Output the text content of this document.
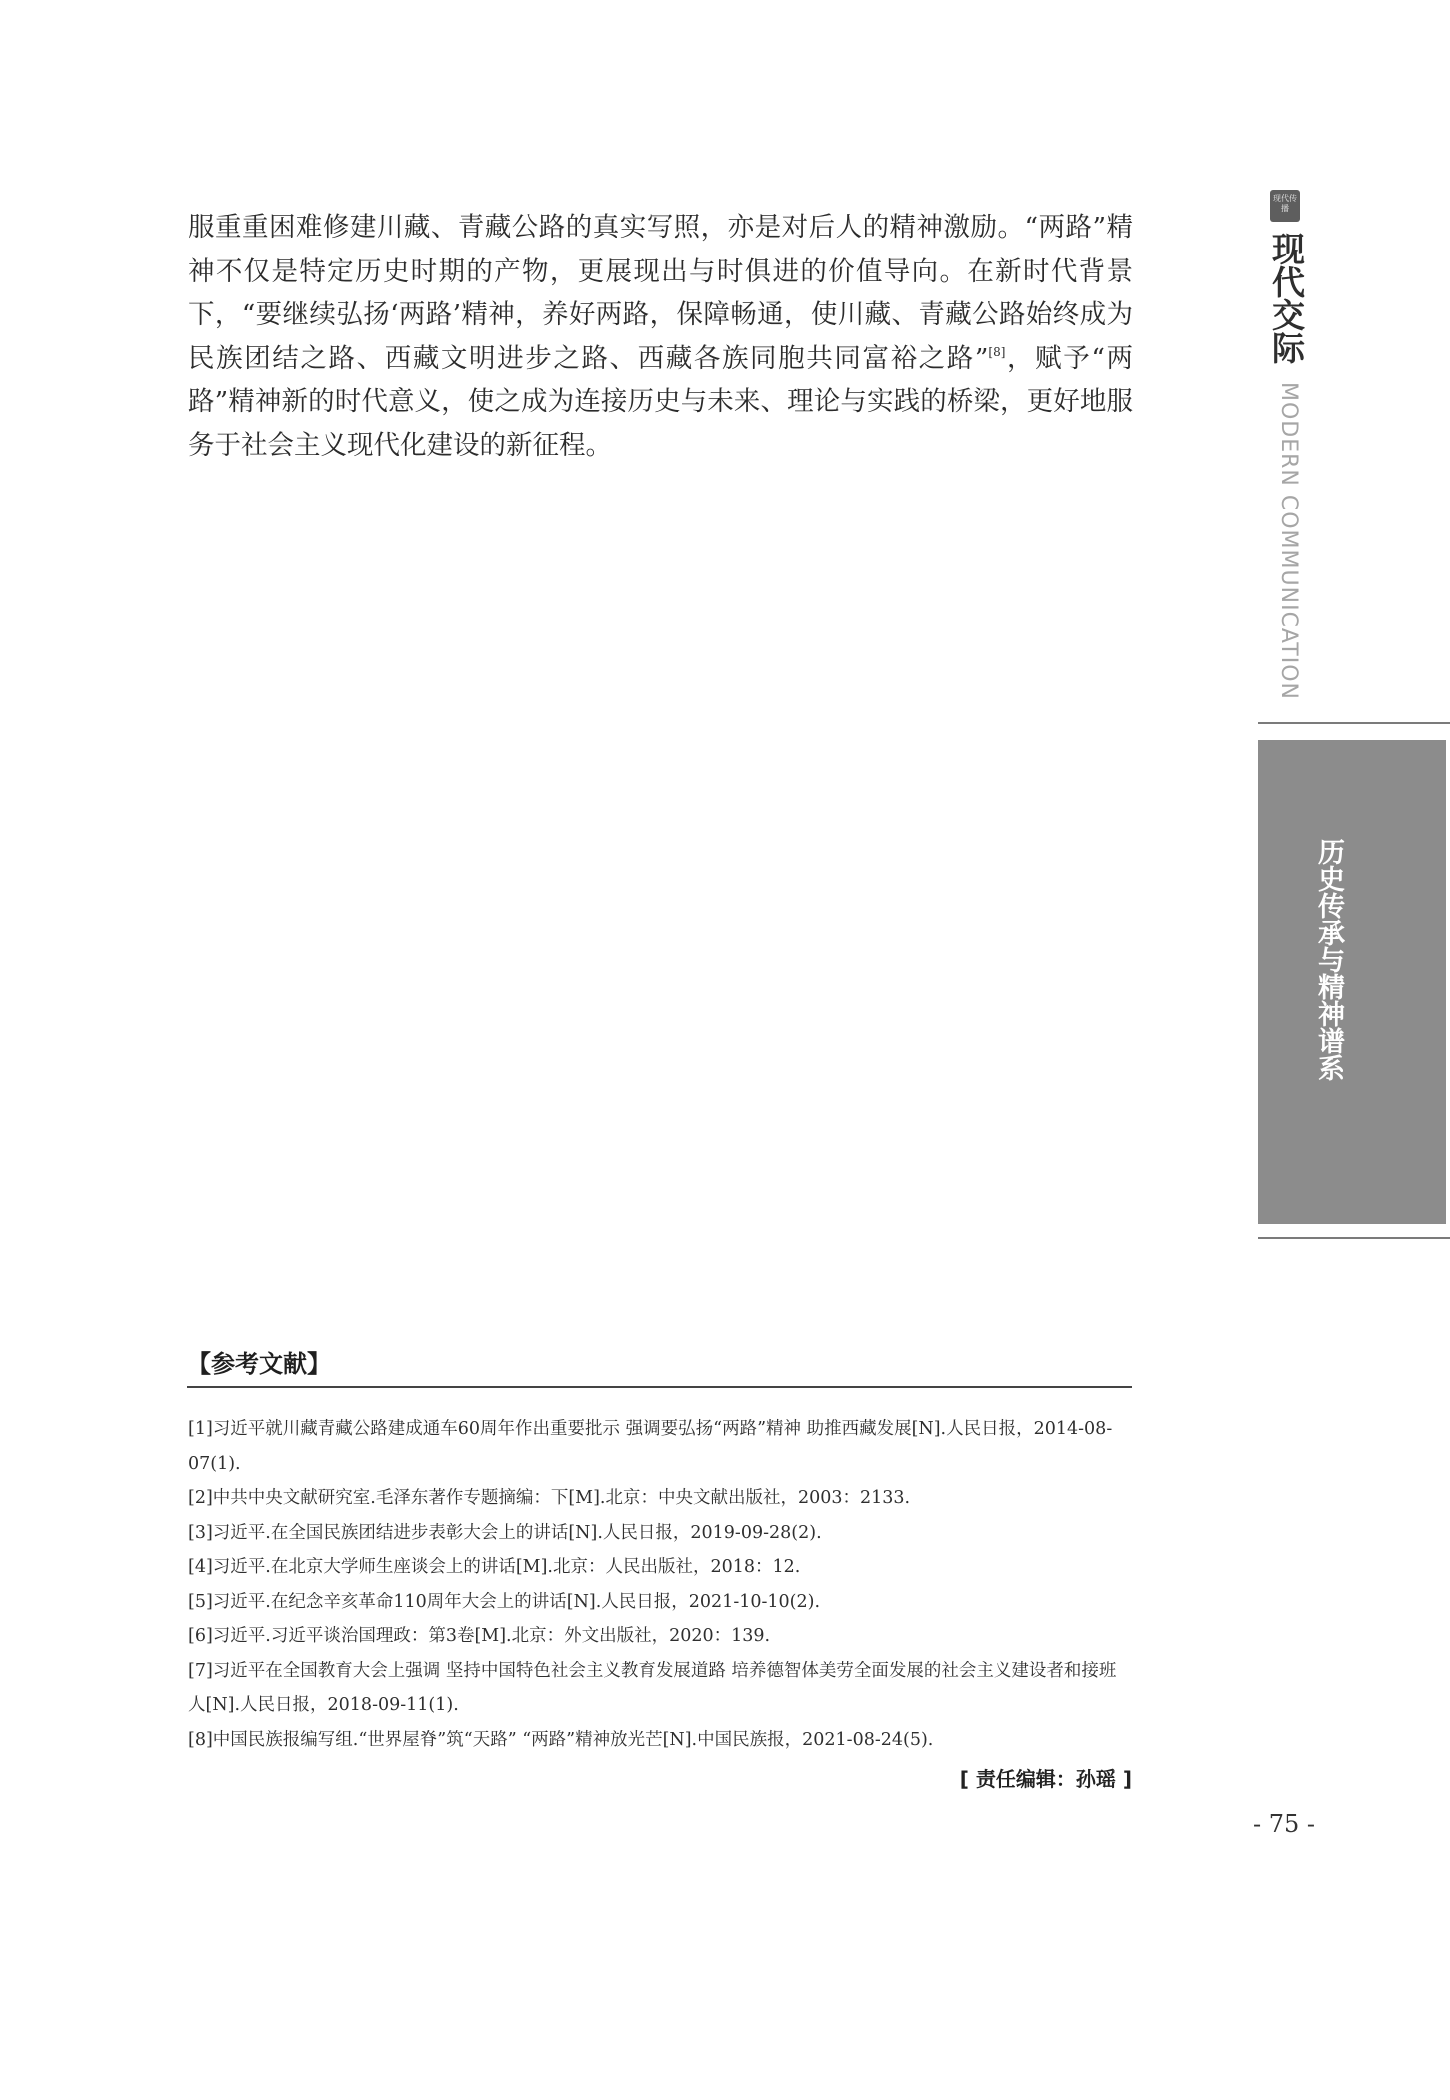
现代传播
现代交际
MODERN COMMUNICATION
历史传承与精神谱系

服重重困难修建川藏、青藏公路的真实写照，亦是对后人的精神激励。“两路”精神不仅是特定历史时期的产物，更展现出与时俱进的价值导向。在新时代背景下，“要继续弘扬‘两路’精神，养好两路，保障畅通，使川藏、青藏公路始终成为民族团结之路、西藏文明进步之路、西藏各族同胞共同富裕之路”[8]，赋予“两路”精神新的时代意义，使之成为连接历史与未来、理论与实践的桥梁，更好地服务于社会主义现代化建设的新征程。

【参考文献】
[1]习近平就川藏青藏公路建成通车60周年作出重要批示 强调要弘扬“两路”精神 助推西藏发展[N].人民日报，2014-08-07(1).
[2]中共中央文献研究室.毛泽东著作专题摘编：下[M].北京：中央文献出版社，2003：2133.
[3]习近平.在全国民族团结进步表彰大会上的讲话[N].人民日报，2019-09-28(2).
[4]习近平.在北京大学师生座谈会上的讲话[M].北京：人民出版社，2018：12.
[5]习近平.在纪念辛亥革命110周年大会上的讲话[N].人民日报，2021-10-10(2).
[6]习近平.习近平谈治国理政：第3卷[M].北京：外文出版社，2020：139.
[7]习近平在全国教育大会上强调 坚持中国特色社会主义教育发展道路 培养德智体美劳全面发展的社会主义建设者和接班人[N].人民日报，2018-09-11(1).
[8]中国民族报编写组.“世界屋脊”筑“天路” “两路”精神放光芒[N].中国民族报，2021-08-24(5).
[ 责任编辑：孙瑶 ]
- 75 -
